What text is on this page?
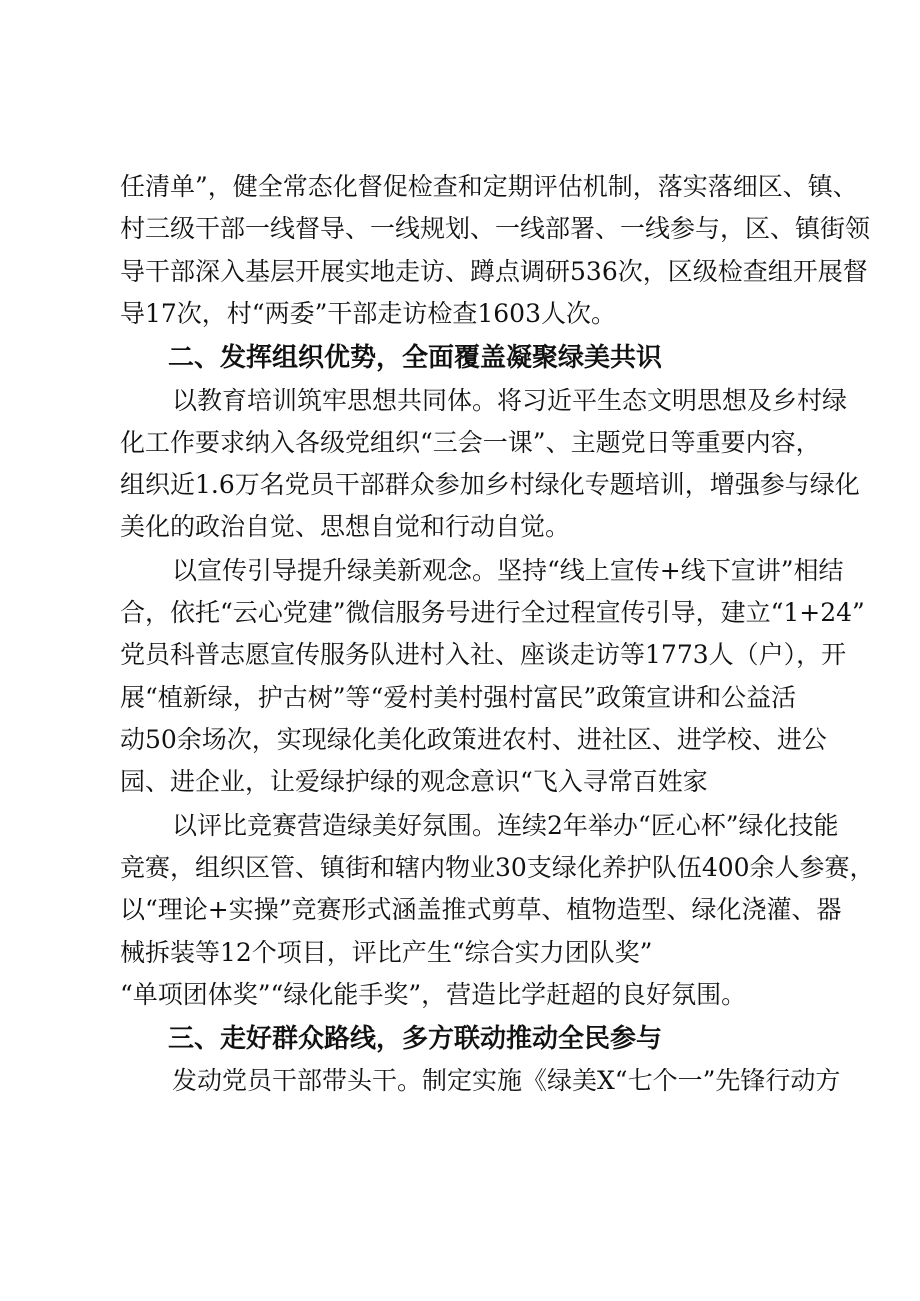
任清单”，健全常态化督促检查和定期评估机制，落实落细区、镇、
村三级干部一线督导、一线规划、一线部署、一线参与，区、镇街领
导干部深入基层开展实地走访、蹲点调研536次，区级检查组开展督
导17次，村“两委”干部走访检查1603人次。
二、发挥组织优势，全面覆盖凝聚绿美共识
以教育培训筑牢思想共同体。将习近平生态文明思想及乡村绿
化工作要求纳入各级党组织“三会一课”、主题党日等重要内容，
组织近1.6万名党员干部群众参加乡村绿化专题培训，增强参与绿化
美化的政治自觉、思想自觉和行动自觉。
以宣传引导提升绿美新观念。坚持“线上宣传+线下宣讲”相结
合，依托“云心党建”微信服务号进行全过程宣传引导，建立“1+24”
党员科普志愿宣传服务队进村入社、座谈走访等1773人（户），开
展“植新绿，护古树”等“爱村美村强村富民”政策宣讲和公益活
动50余场次，实现绿化美化政策进农村、进社区、进学校、进公
园、进企业，让爱绿护绿的观念意识“飞入寻常百姓家
以评比竞赛营造绿美好氛围。连续2年举办“匠心杯”绿化技能
竞赛，组织区管、镇街和辖内物业30支绿化养护队伍400余人参赛，
以“理论+实操”竞赛形式涵盖推式剪草、植物造型、绿化浇灌、器
械拆装等12个项目，评比产生“综合实力团队奖”
“单项团体奖”“绿化能手奖”，营造比学赶超的良好氛围。
三、走好群众路线，多方联动推动全民参与
发动党员干部带头干。制定实施《绿美X“七个一”先锋行动方
